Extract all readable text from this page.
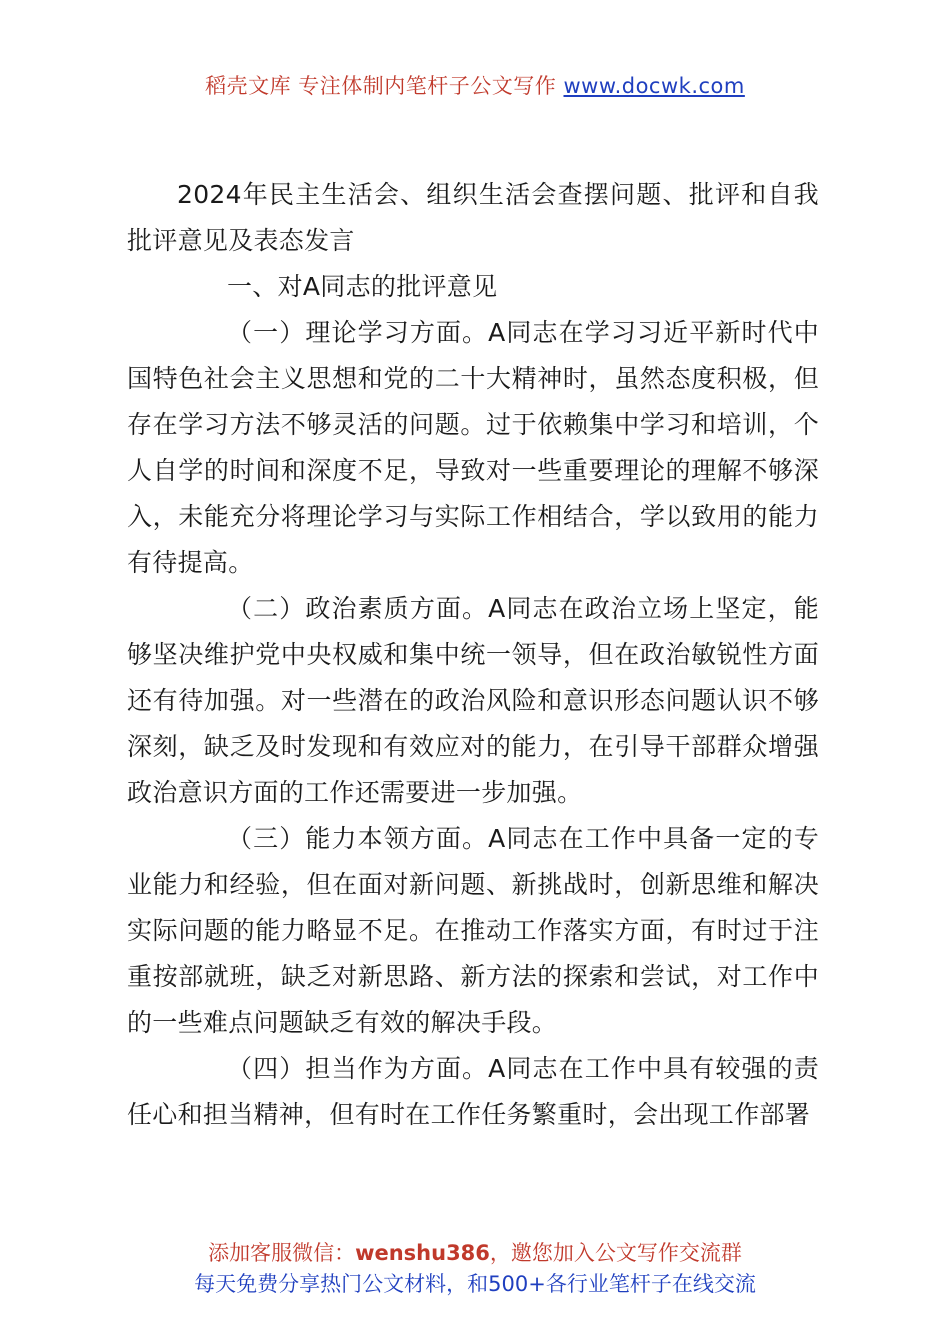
稻壳文库 专注体制内笔杆子公文写作 www.docwk.com

2024年民主生活会、组织生活会查摆问题、批评和自我批评意见及表态发言

一、对A同志的批评意见

（一）理论学习方面。A同志在学习习近平新时代中国特色社会主义思想和党的二十大精神时，虽然态度积极，但存在学习方法不够灵活的问题。过于依赖集中学习和培训，个人自学的时间和深度不足，导致对一些重要理论的理解不够深入，未能充分将理论学习与实际工作相结合，学以致用的能力有待提高。

（二）政治素质方面。A同志在政治立场上坚定，能够坚决维护党中央权威和集中统一领导，但在政治敏锐性方面还有待加强。对一些潜在的政治风险和意识形态问题认识不够深刻，缺乏及时发现和有效应对的能力，在引导干部群众增强政治意识方面的工作还需要进一步加强。

（三）能力本领方面。A同志在工作中具备一定的专业能力和经验，但在面对新问题、新挑战时，创新思维和解决实际问题的能力略显不足。在推动工作落实方面，有时过于注重按部就班，缺乏对新思路、新方法的探索和尝试，对工作中的一些难点问题缺乏有效的解决手段。

（四）担当作为方面。A同志在工作中具有较强的责任心和担当精神，但有时在工作任务繁重时，会出现工作部署

添加客服微信：wenshu386，邀您加入公文写作交流群
每天免费分享热门公文材料，和500+各行业笔杆子在线交流
